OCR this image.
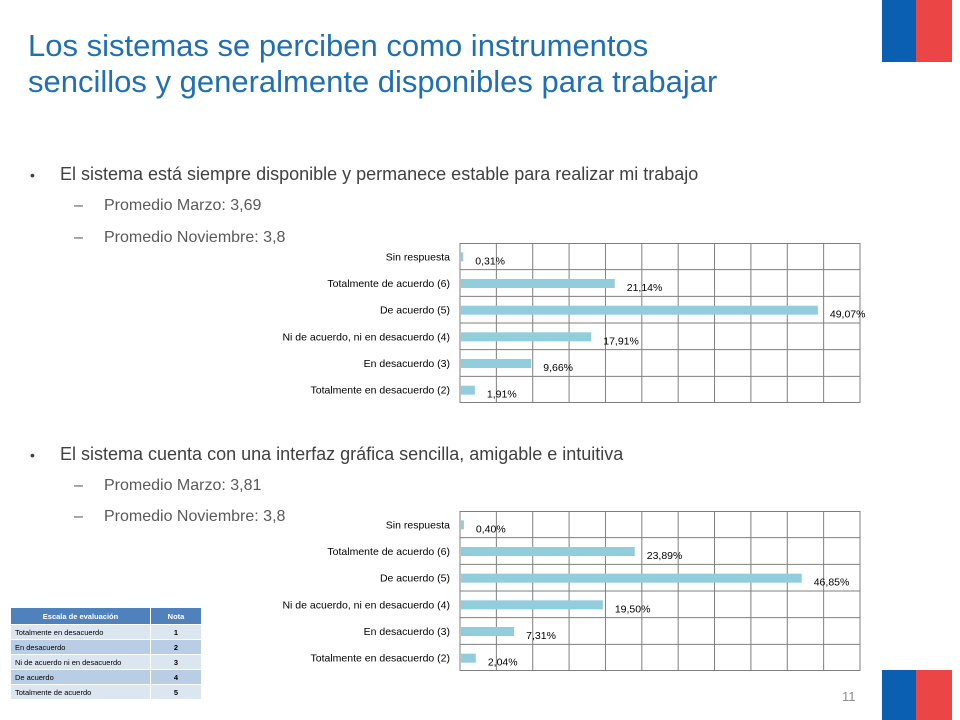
Los sistemas se perciben como instrumentos
sencillos y generalmente disponibles para trabajar
• El sistema está siempre disponible y permanece estable para realizar mi trabajo
– Promedio Marzo: 3,69
– Promedio Noviembre: 3,8
Sin respuesta 0,31%
Totalmente de acuerdo (6)	21,14%
De acuerdo (5)	49,07%
Ni de acuerdo, ni en desacuerdo (4)	17,91%
En desacuerdo (3)	9,66%
Totalmente en desacuerdo (2)	1,91%
• El sistema cuenta con una interfaz gráfica sencilla, amigable e intuitiva
– Promedio Marzo: 3,81
– Promedio Noviembre: 3,8
Sin respuesta 0,40%
Totalmente de acuerdo (6)	23,89%
De acuerdo (5)	46,85%
Ni de acuerdo, ni en desacuerdo (4)	19,50%
En desacuerdo (3)	7,31%
Totalmente en desacuerdo (2)	2,04%
Escala de evaluación	Nota
Totalmente en desacuerdo	1
En desacuerdo	2
Ni de acuerdo ni en desacuerdo	3
De acuerdo	4
Totalmente de acuerdo	5	11
